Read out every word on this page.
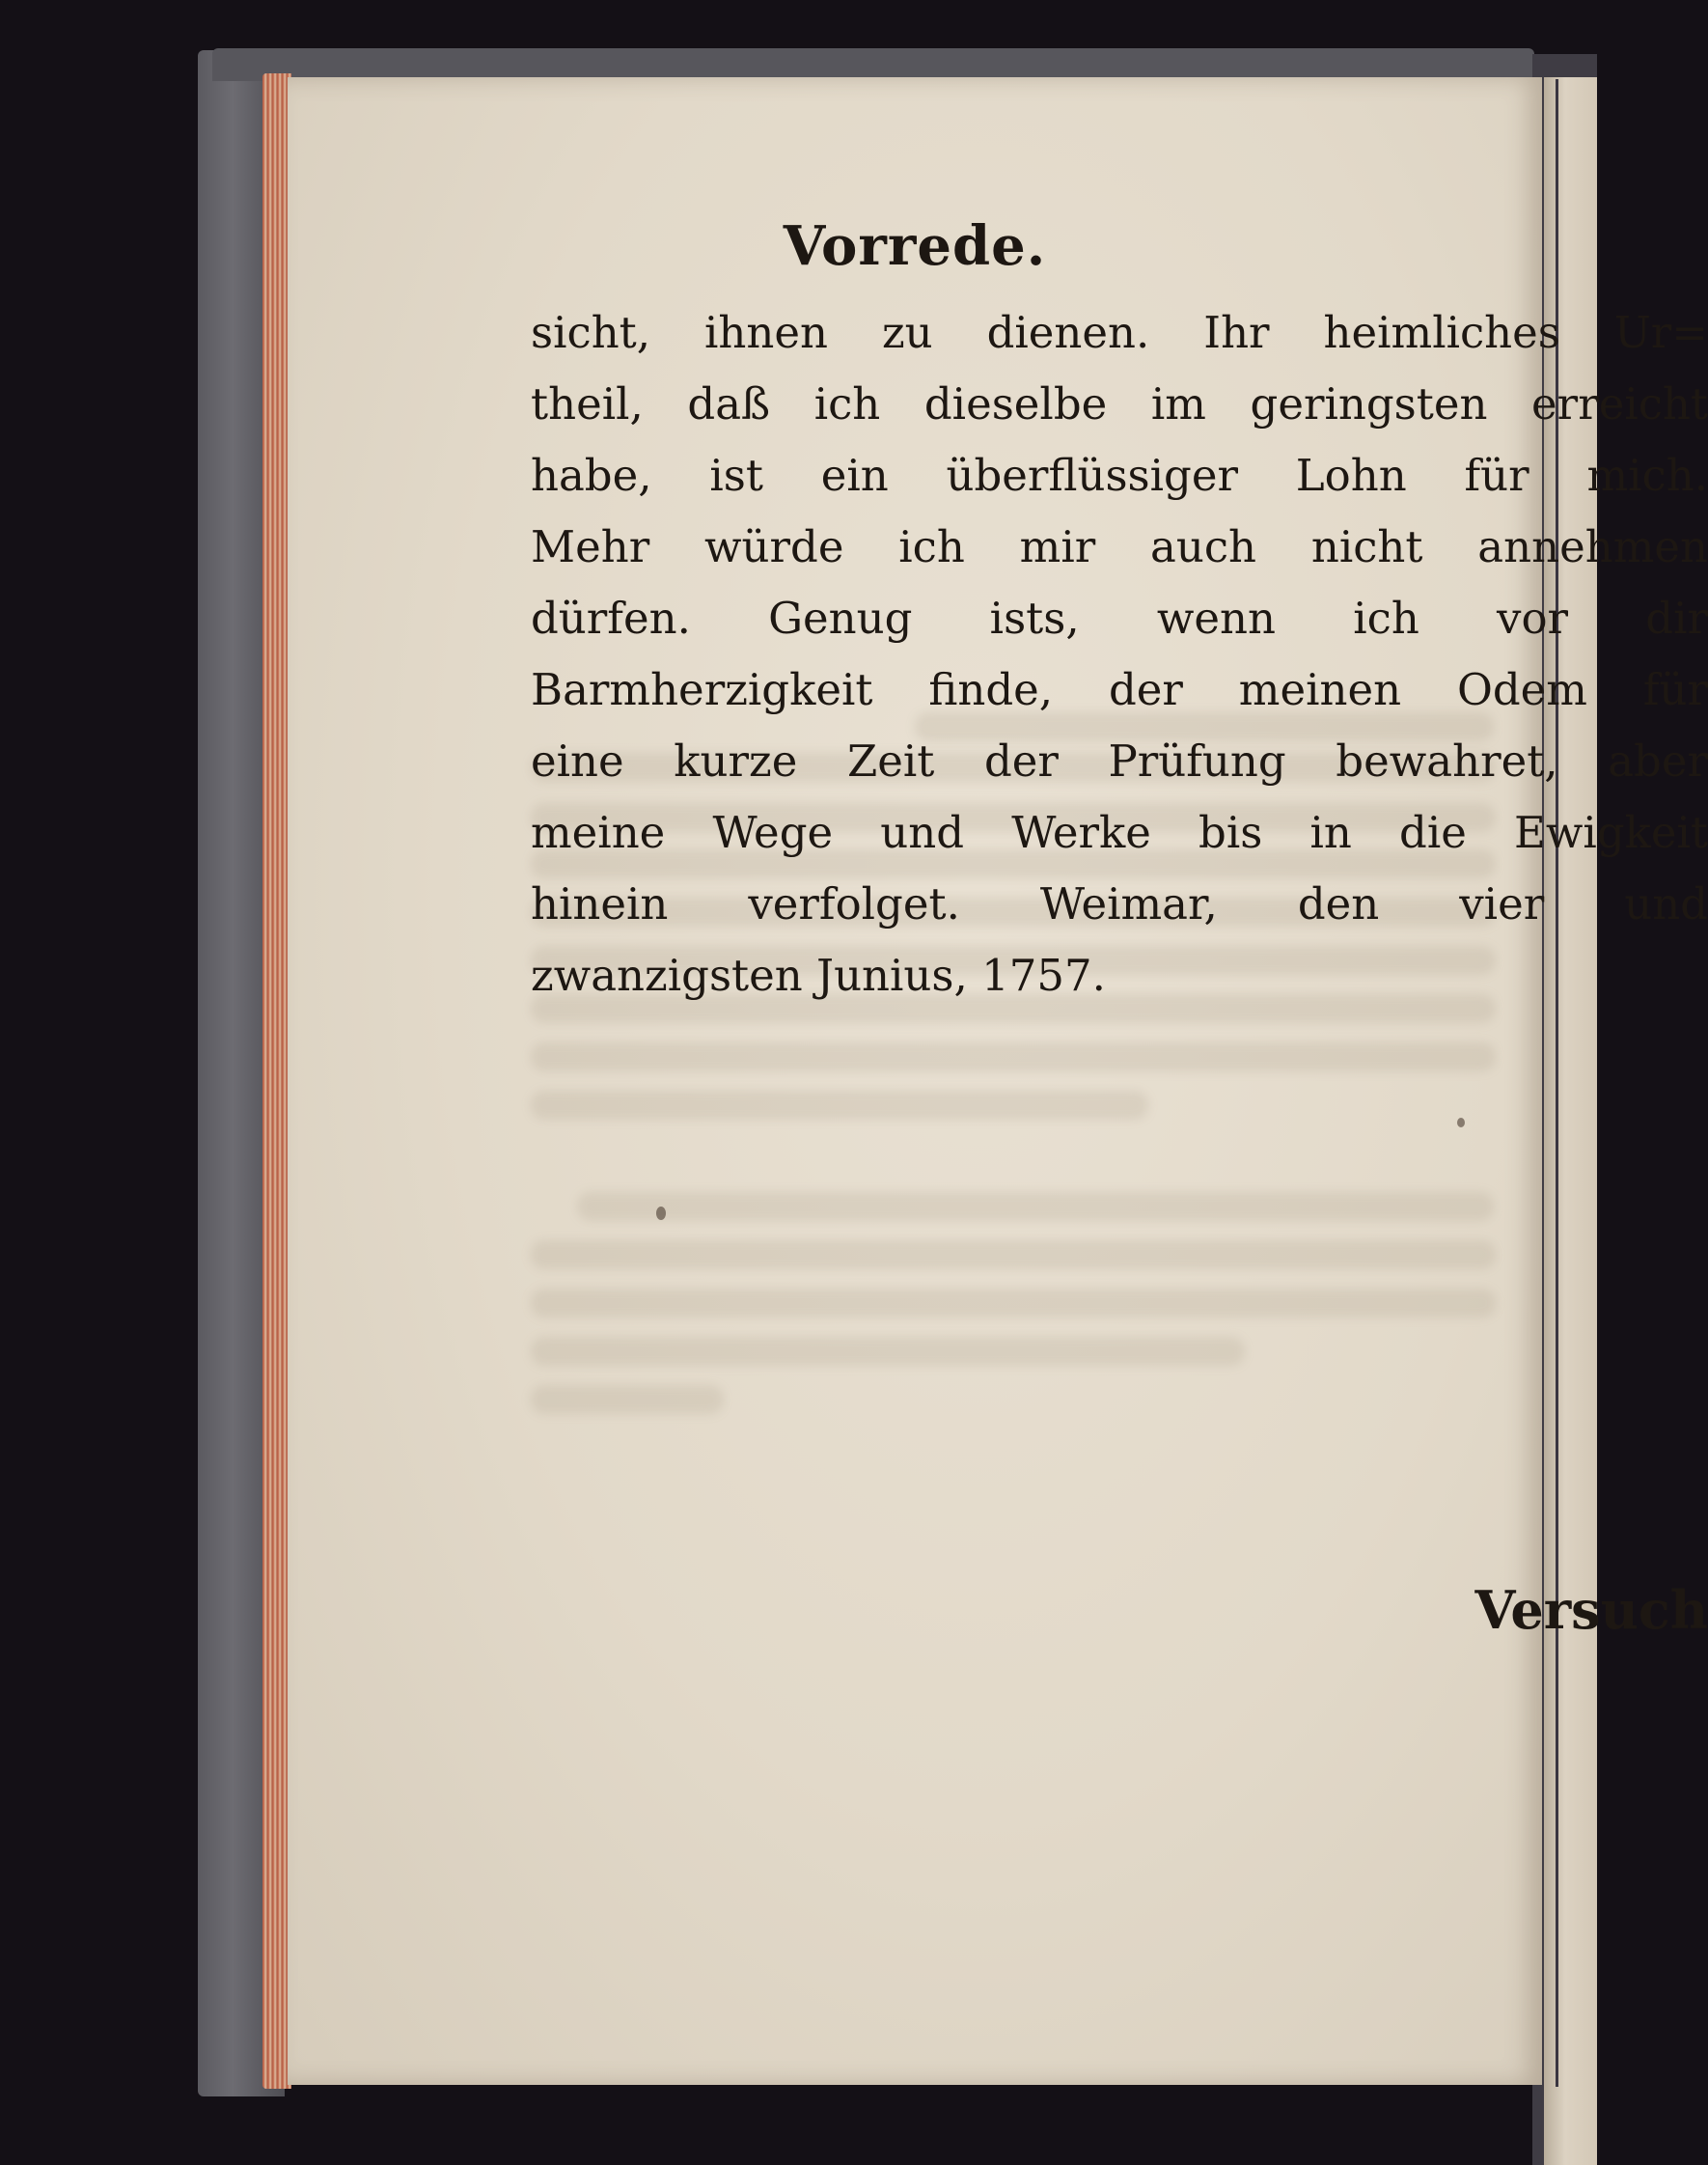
Vorrede.
sicht, ihnen zu dienen. Ihr heimliches Ur=
theil, daß ich dieselbe im geringsten erreicht
habe, ist ein überflüssiger Lohn für mich.
Mehr würde ich mir auch nicht annehmen
dürfen. Genug ists, wenn ich vor dir
Barmherzigkeit finde, der meinen Odem für
eine kurze Zeit der Prüfung bewahret, aber
meine Wege und Werke bis in die Ewigkeit
hinein verfolget. Weimar, den vier und
zwanzigsten Junius, 1757.
Versuch
